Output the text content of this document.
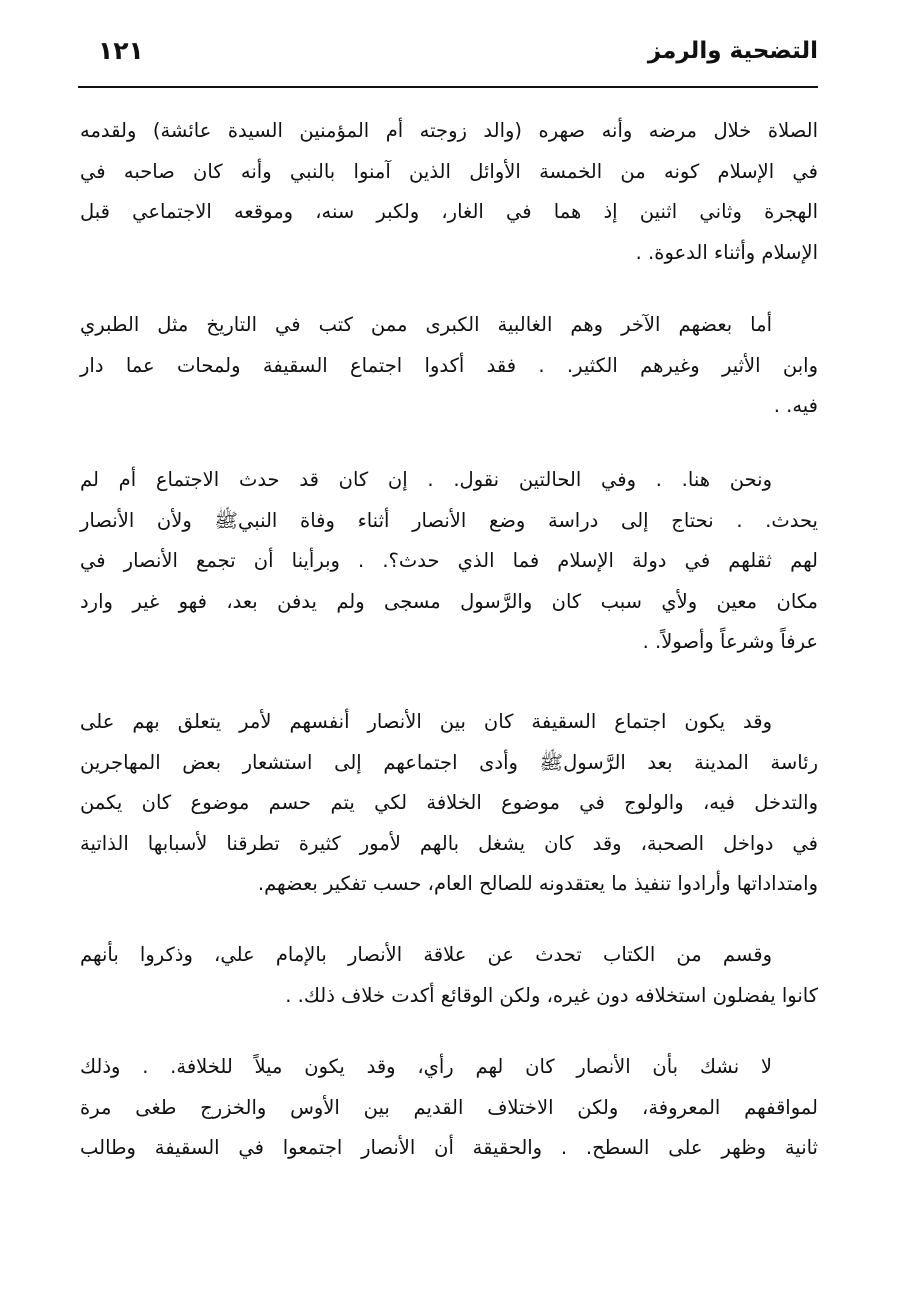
التضحية والرمز
١٢١
الصلاة خلال مرضه وأنه صهره (والد زوجته أم المؤمنين السيدة عائشة) ولقدمه
في الإسلام كونه من الخمسة الأوائل الذين آمنوا بالنبي وأنه كان صاحبه في
الهجرة وثاني اثنين إذ هما في الغار، ولكبر سنه، وموقعه الاجتماعي قبل
الإسلام وأثناء الدعوة. .
أما بعضهم الآخر وهم الغالبية الكبرى ممن كتب في التاريخ مثل الطبري
وابن الأثير وغيرهم الكثير. . فقد أكدوا اجتماع السقيفة ولمحات عما دار
فيه. .
ونحن هنا. . وفي الحالتين نقول. . إن كان قد حدث الاجتماع أم لم
يحدث. . نحتاج إلى دراسة وضع الأنصار أثناء وفاة النبيﷺ ولأن الأنصار
لهم ثقلهم في دولة الإسلام فما الذي حدث؟. . وبرأينا أن تجمع الأنصار في
مكان معين ولأي سبب كان والرَّسول مسجى ولم يدفن بعد، فهو غير وارد
عرفاً وشرعاً وأصولاً. .
وقد يكون اجتماع السقيفة كان بين الأنصار أنفسهم لأمر يتعلق بهم على
رئاسة المدينة بعد الرَّسولﷺ وأدى اجتماعهم إلى استشعار بعض المهاجرين
والتدخل فيه، والولوج في موضوع الخلافة لكي يتم حسم موضوع كان يكمن
في دواخل الصحبة، وقد كان يشغل بالهم لأمور كثيرة تطرقنا لأسبابها الذاتية
وامتداداتها وأرادوا تنفيذ ما يعتقدونه للصالح العام، حسب تفكير بعضهم.
وقسم من الكتاب تحدث عن علاقة الأنصار بالإمام علي، وذكروا بأنهم
كانوا يفضلون استخلافه دون غيره، ولكن الوقائع أكدت خلاف ذلك. .
لا نشك بأن الأنصار كان لهم رأي، وقد يكون ميلاً للخلافة. . وذلك
لمواقفهم المعروفة، ولكن الاختلاف القديم بين الأوس والخزرج طغى مرة
ثانية وظهر على السطح. . والحقيقة أن الأنصار اجتمعوا في السقيفة وطالب
